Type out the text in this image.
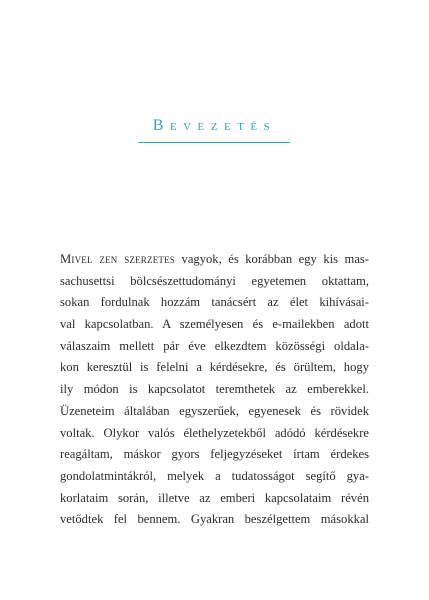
Bevezetés
Mivel zen szerzetes vagyok, és korábban egy kis mas-
sachusettsi bölcsészettudományi egyetemen oktattam,
sokan fordulnak hozzám tanácsért az élet kihívásai-
val kapcsolatban. A személyesen és e-mailekben adott
válaszaim mellett pár éve elkezdtem közösségi oldala-
kon keresztül is felelni a kérdésekre, és örültem, hogy
ily módon is kapcsolatot teremthetek az emberekkel.
Üzeneteim általában egyszerűek, egyenesek és rövidek
voltak. Olykor valós élethelyzetekből adódó kérdésekre
reagáltam, máskor gyors feljegyzéseket írtam érdekes
gondolatmintákról, melyek a tudatosságot segítő gya-
korlataim során, illetve az emberi kapcsolataim révén
vetődtek fel bennem. Gyakran beszélgettem másokkal
